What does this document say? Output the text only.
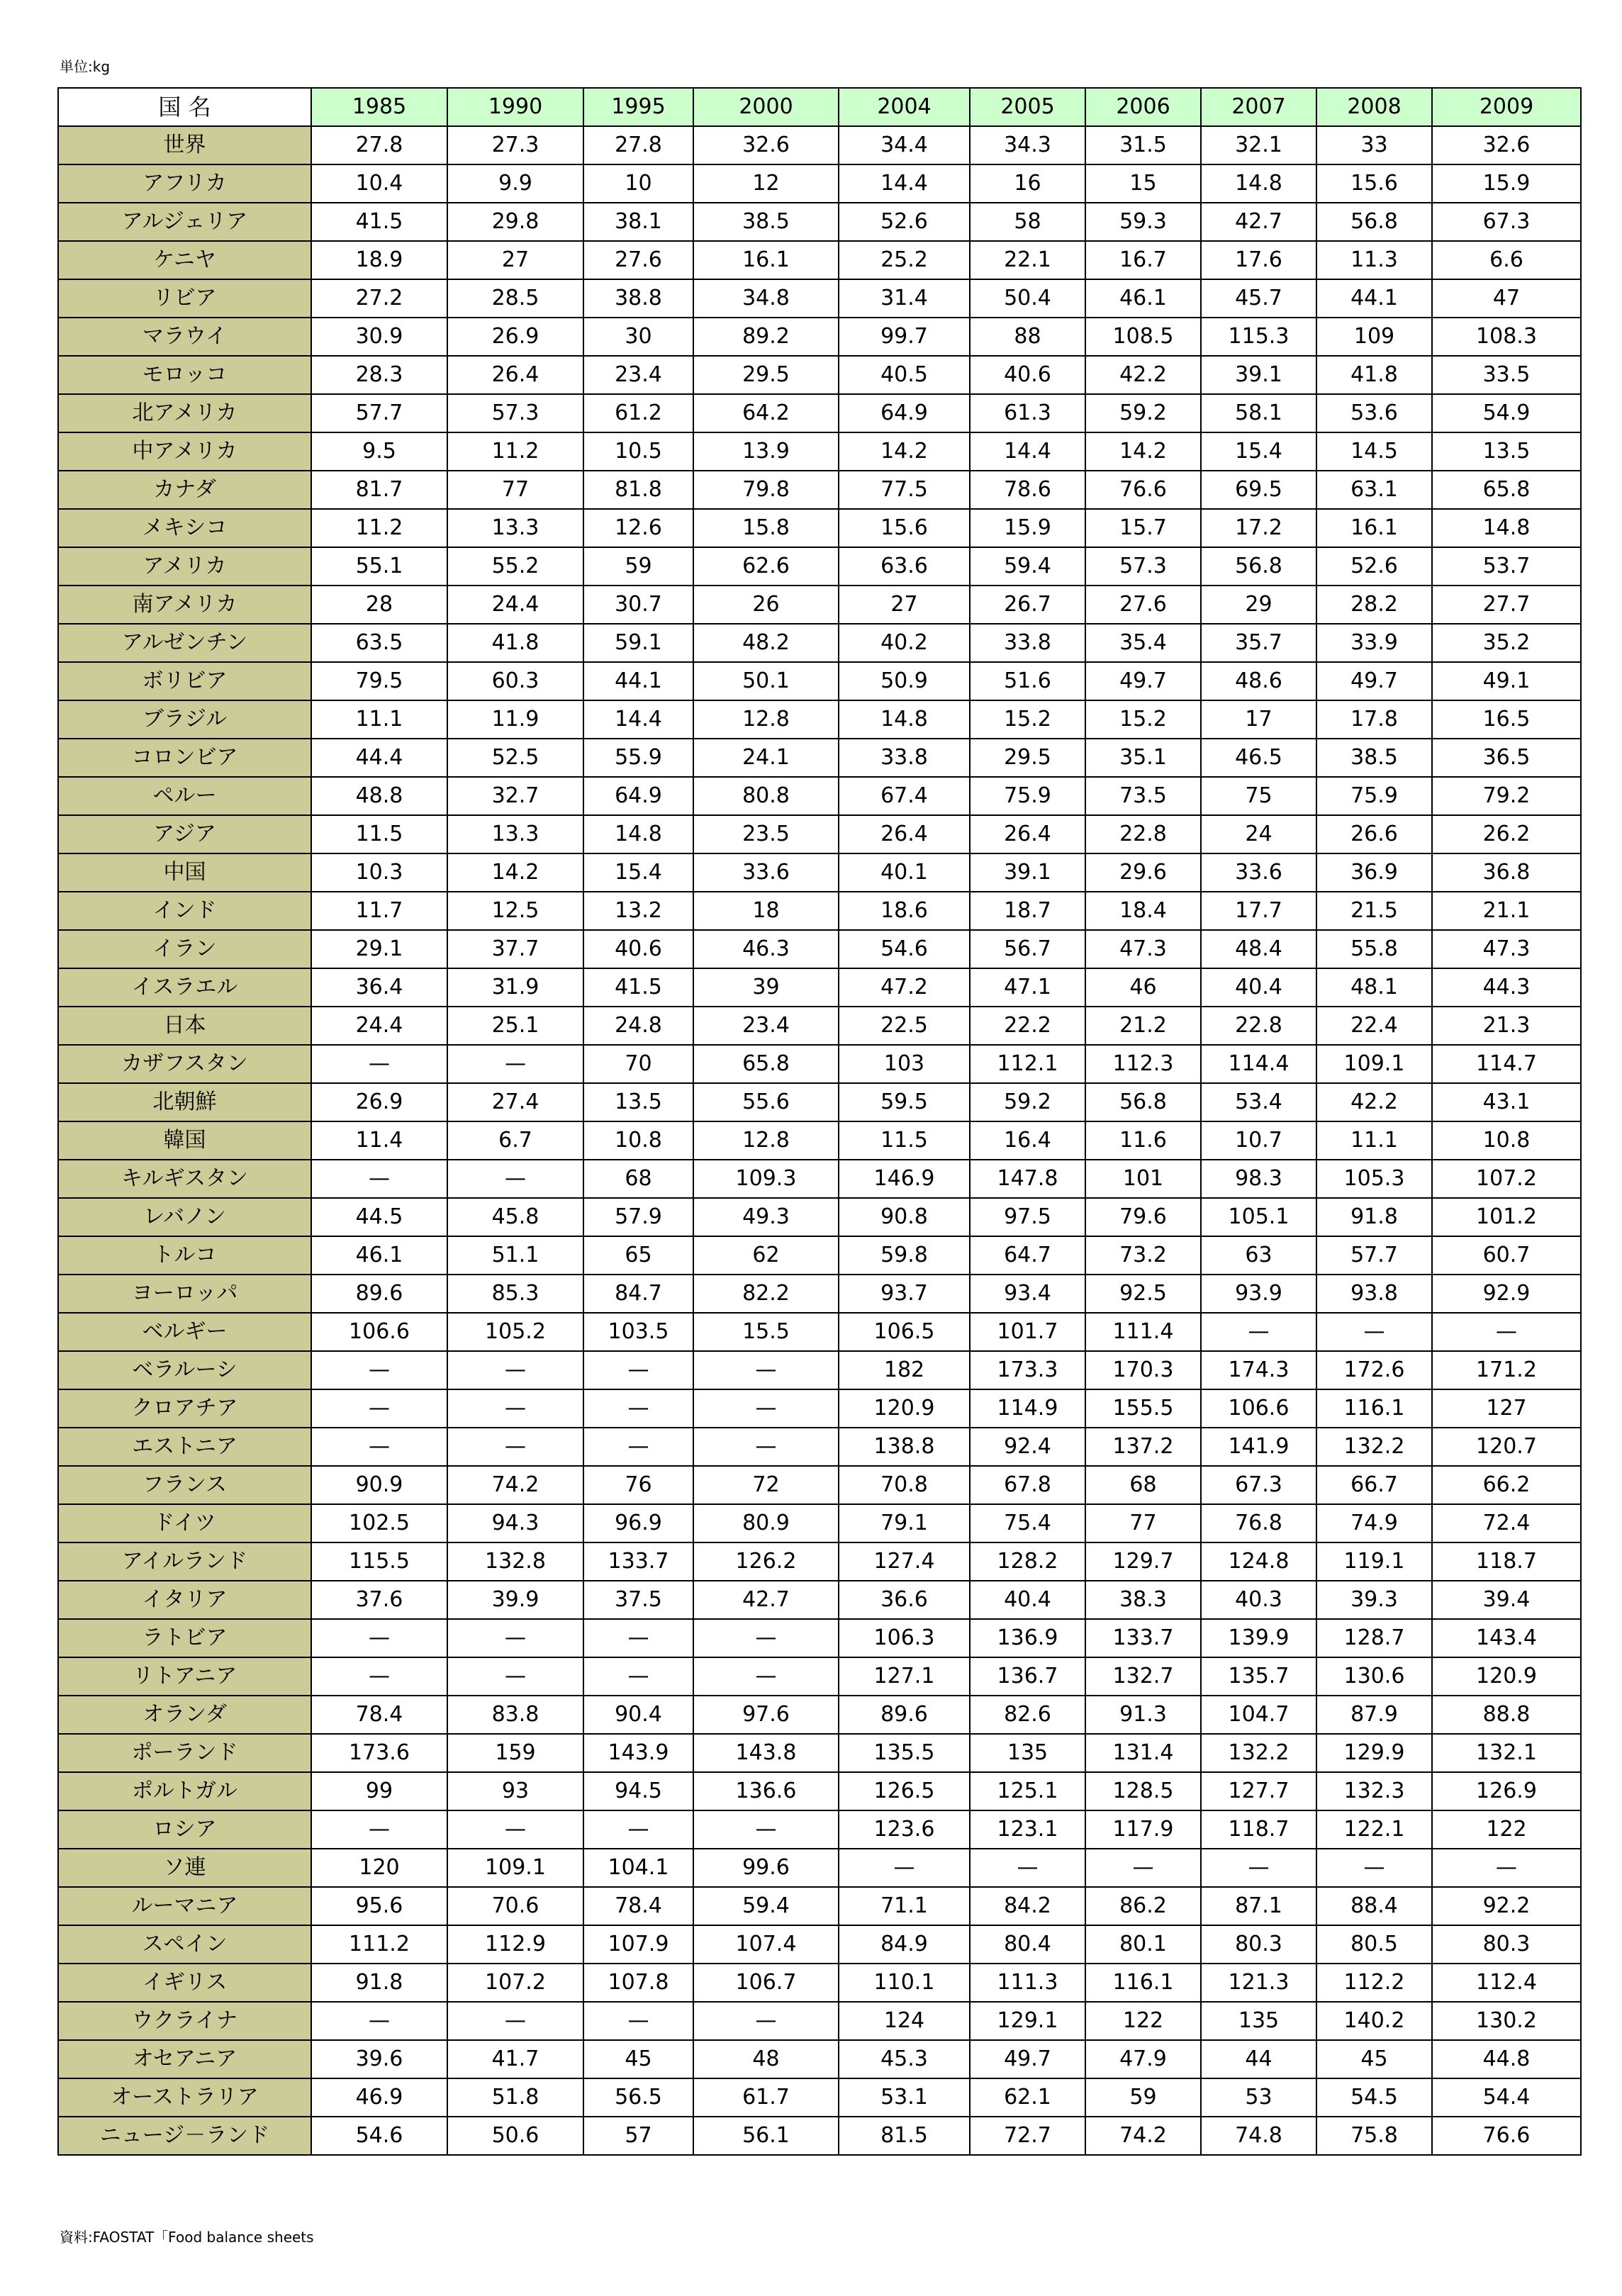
単位:kg
国 名	1985	1990	1995	2000	2004	2005	2006	2007	2008	2009
世界	27.8	27.3	27.8	32.6	34.4	34.3	31.5	32.1	33	32.6
アフリカ	10.4	9.9	10	12	14.4	16	15	14.8	15.6	15.9
アルジェリア	41.5	29.8	38.1	38.5	52.6	58	59.3	42.7	56.8	67.3
ケニヤ	18.9	27	27.6	16.1	25.2	22.1	16.7	17.6	11.3	6.6
リビア	27.2	28.5	38.8	34.8	31.4	50.4	46.1	45.7	44.1	47
マラウイ	30.9	26.9	30	89.2	99.7	88	108.5	115.3	109	108.3
モロッコ	28.3	26.4	23.4	29.5	40.5	40.6	42.2	39.1	41.8	33.5
北アメリカ	57.7	57.3	61.2	64.2	64.9	61.3	59.2	58.1	53.6	54.9
中アメリカ	9.5	11.2	10.5	13.9	14.2	14.4	14.2	15.4	14.5	13.5
カナダ	81.7	77	81.8	79.8	77.5	78.6	76.6	69.5	63.1	65.8
メキシコ	11.2	13.3	12.6	15.8	15.6	15.9	15.7	17.2	16.1	14.8
アメリカ	55.1	55.2	59	62.6	63.6	59.4	57.3	56.8	52.6	53.7
南アメリカ	28	24.4	30.7	26	27	26.7	27.6	29	28.2	27.7
アルゼンチン	63.5	41.8	59.1	48.2	40.2	33.8	35.4	35.7	33.9	35.2
ボリビア	79.5	60.3	44.1	50.1	50.9	51.6	49.7	48.6	49.7	49.1
ブラジル	11.1	11.9	14.4	12.8	14.8	15.2	15.2	17	17.8	16.5
コロンビア	44.4	52.5	55.9	24.1	33.8	29.5	35.1	46.5	38.5	36.5
ペルー	48.8	32.7	64.9	80.8	67.4	75.9	73.5	75	75.9	79.2
アジア	11.5	13.3	14.8	23.5	26.4	26.4	22.8	24	26.6	26.2
中国	10.3	14.2	15.4	33.6	40.1	39.1	29.6	33.6	36.9	36.8
インド	11.7	12.5	13.2	18	18.6	18.7	18.4	17.7	21.5	21.1
イラン	29.1	37.7	40.6	46.3	54.6	56.7	47.3	48.4	55.8	47.3
イスラエル	36.4	31.9	41.5	39	47.2	47.1	46	40.4	48.1	44.3
日本	24.4	25.1	24.8	23.4	22.5	22.2	21.2	22.8	22.4	21.3
カザフスタン	—	—	70	65.8	103	112.1	112.3	114.4	109.1	114.7
北朝鮮	26.9	27.4	13.5	55.6	59.5	59.2	56.8	53.4	42.2	43.1
韓国	11.4	6.7	10.8	12.8	11.5	16.4	11.6	10.7	11.1	10.8
キルギスタン	—	—	68	109.3	146.9	147.8	101	98.3	105.3	107.2
レバノン	44.5	45.8	57.9	49.3	90.8	97.5	79.6	105.1	91.8	101.2
トルコ	46.1	51.1	65	62	59.8	64.7	73.2	63	57.7	60.7
ヨーロッパ	89.6	85.3	84.7	82.2	93.7	93.4	92.5	93.9	93.8	92.9
ベルギー	106.6	105.2	103.5	15.5	106.5	101.7	111.4	—	—	—
ベラルーシ	—	—	—	—	182	173.3	170.3	174.3	172.6	171.2
クロアチア	—	—	—	—	120.9	114.9	155.5	106.6	116.1	127
エストニア	—	—	—	—	138.8	92.4	137.2	141.9	132.2	120.7
フランス	90.9	74.2	76	72	70.8	67.8	68	67.3	66.7	66.2
ドイツ	102.5	94.3	96.9	80.9	79.1	75.4	77	76.8	74.9	72.4
アイルランド	115.5	132.8	133.7	126.2	127.4	128.2	129.7	124.8	119.1	118.7
イタリア	37.6	39.9	37.5	42.7	36.6	40.4	38.3	40.3	39.3	39.4
ラトビア	—	—	—	—	106.3	136.9	133.7	139.9	128.7	143.4
リトアニア	—	—	—	—	127.1	136.7	132.7	135.7	130.6	120.9
オランダ	78.4	83.8	90.4	97.6	89.6	82.6	91.3	104.7	87.9	88.8
ポーランド	173.6	159	143.9	143.8	135.5	135	131.4	132.2	129.9	132.1
ポルトガル	99	93	94.5	136.6	126.5	125.1	128.5	127.7	132.3	126.9
ロシア	—	—	—	—	123.6	123.1	117.9	118.7	122.1	122
ソ連	120	109.1	104.1	99.6	—	—	—	—	—	—
ルーマニア	95.6	70.6	78.4	59.4	71.1	84.2	86.2	87.1	88.4	92.2
スペイン	111.2	112.9	107.9	107.4	84.9	80.4	80.1	80.3	80.5	80.3
イギリス	91.8	107.2	107.8	106.7	110.1	111.3	116.1	121.3	112.2	112.4
ウクライナ	—	—	—	—	124	129.1	122	135	140.2	130.2
オセアニア	39.6	41.7	45	48	45.3	49.7	47.9	44	45	44.8
オーストラリア	46.9	51.8	56.5	61.7	53.1	62.1	59	53	54.5	54.4
ニュージ－ランド	54.6	50.6	57	56.1	81.5	72.7	74.2	74.8	75.8	76.6
資料:FAOSTAT「Food balance sheets
